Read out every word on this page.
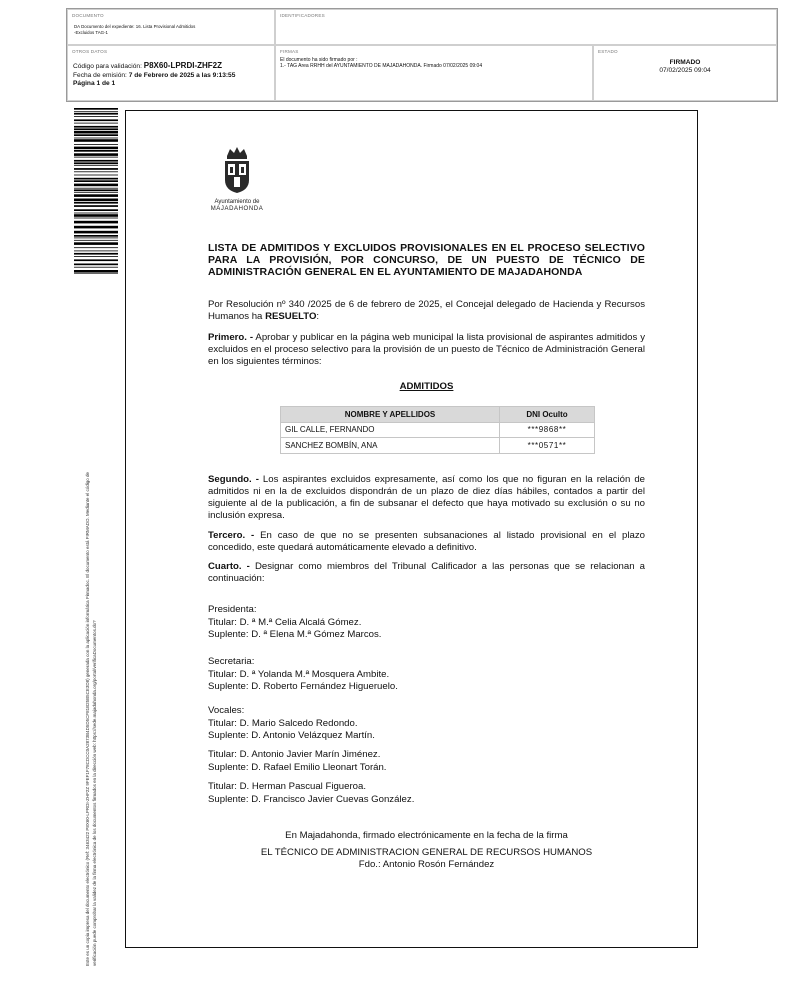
DOCUMENTO
DA Documento del expediente: 16. Lista Provisional Admitidos
-Excluidos TAG-1
IDENTIFICADORES
OTROS DATOS
Código para validación: P8X60-LPRDI-ZHF2Z
Fecha de emisión: 7 de Febrero de 2025 a las 9:13:55
Página 1 de 1
FIRMAS
El documento ha sido firmado por :
1.- TAG Area RRHH del AYUNTAMIENTO DE MAJADAHONDA. Firmado 07/02/2025 09:04
ESTADO
FIRMADO
07/02/2025 09:04
Este es un copia impresa del documento electrónico (Ref: 3463422 P8X60-LPRDI-ZHF2Z 9FEF1F78CDCC0A2873B4D5D5CF81B25B5CE3D8) generada con la aplicación informática Firmadoc. El documento está FIRMADO. Mediante el código de verificación puede comprobar la validez de la firma electrónica de los documentos firmados en la dirección web: https://sede.majadahonda.org/portal/verificaDocumentos.do?
Ayuntamiento de
MAJADAHONDA
LISTA DE ADMITIDOS Y EXCLUIDOS PROVISIONALES EN EL PROCESO SELECTIVO PARA LA PROVISIÓN, POR CONCURSO, DE UN PUESTO DE TÉCNICO DE ADMINISTRACIÓN GENERAL EN EL AYUNTAMIENTO DE MAJADAHONDA
Por Resolución nº 340 /2025 de 6 de febrero de 2025, el Concejal delegado de Hacienda y Recursos Humanos ha RESUELTO:
Primero. - Aprobar y publicar en la página web municipal la lista provisional de aspirantes admitidos y excluidos en el proceso selectivo para la provisión de un puesto de Técnico de Administración General en los siguientes términos:
ADMITIDOS
NOMBRE Y APELLIDOS	DNI Oculto
GIL CALLE, FERNANDO	***9868**
SANCHEZ BOMBÍN, ANA	***0571**
Segundo. - Los aspirantes excluidos expresamente, así como los que no figuran en la relación de admitidos ni en la de excluidos dispondrán de un plazo de diez días hábiles, contados a partir del siguiente al de la publicación, a fin de subsanar el defecto que haya motivado su exclusión o su no inclusión expresa.
Tercero. - En caso de que no se presenten subsanaciones al listado provisional en el plazo concedido, este quedará automáticamente elevado a definitivo.
Cuarto. - Designar como miembros del Tribunal Calificador a las personas que se relacionan a continuación:
Presidenta:
Titular: D. ª M.ª Celia Alcalá Gómez.
Suplente: D. ª Elena M.ª Gómez Marcos.
Secretaria:
Titular: D. ª Yolanda M.ª Mosquera Ambite.
Suplente: D. Roberto Fernández Higueruelo.
Vocales:
Titular: D. Mario Salcedo Redondo.
Suplente: D. Antonio Velázquez Martín.
Titular: D. Antonio Javier Marín Jiménez.
Suplente: D. Rafael Emilio Lleonart Torán.
Titular: D. Herman Pascual Figueroa.
Suplente: D. Francisco Javier Cuevas González.
En Majadahonda, firmado electrónicamente en la fecha de la firma
EL TÉCNICO DE ADMINISTRACION GENERAL DE RECURSOS HUMANOS
Fdo.: Antonio Rosón Fernández
